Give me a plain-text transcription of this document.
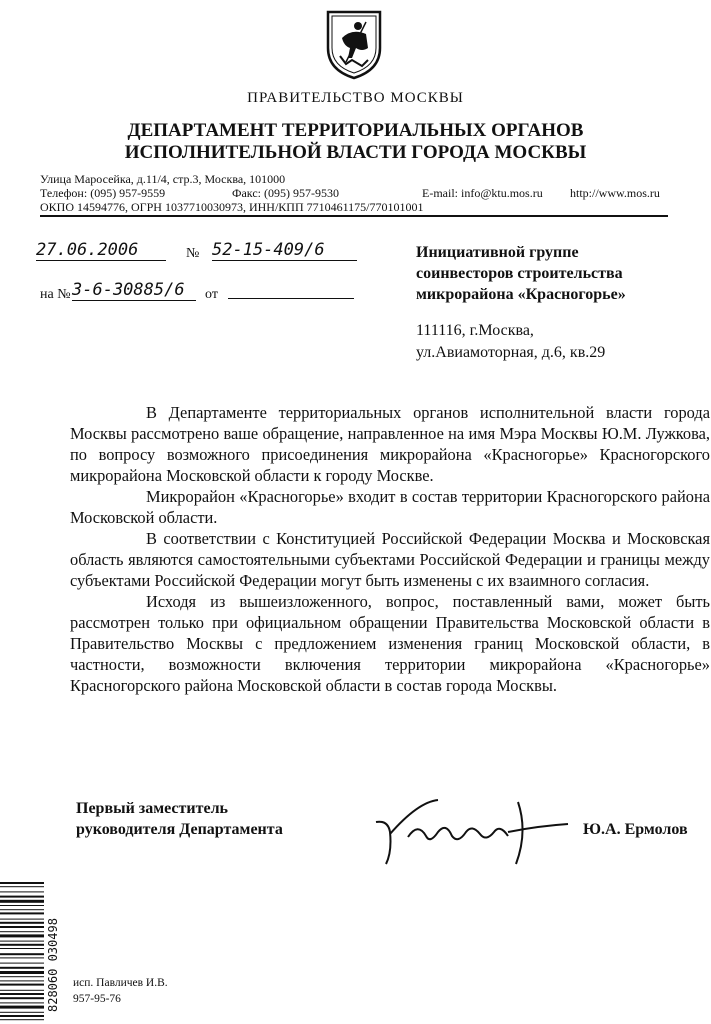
ПРАВИТЕЛЬСТВО МОСКВЫ
ДЕПАРТАМЕНТ ТЕРРИТОРИАЛЬНЫХ ОРГАНОВ
ИСПОЛНИТЕЛЬНОЙ ВЛАСТИ ГОРОДА МОСКВЫ
Улица Маросейка, д.11/4, стр.3, Москва, 101000
Телефон: (095) 957-9559	Факс: (095) 957-9530	E-mail: info@ktu.mos.ru http://www.mos.ru
ОКПО 14594776, ОГРН 1037710030973, ИНН/КПП 7710461175/770101001
27.06.2006	№ 52-15-409/6
на № 3-6-30885/6	от
Инициативной группе
соинвесторов строительства
микрорайона «Красногорье»
111116, г.Москва,
ул.Авиамоторная, д.6, кв.29

В Департаменте территориальных органов исполнительной власти города Москвы рассмотрено ваше обращение, направленное на имя Мэра Москвы Ю.М. Лужкова, по вопросу возможного присоединения микрорайона «Красногорье» Красногорского микрорайона Московской области к городу Москве.

Микрорайон «Красногорье» входит в состав территории Красногорского района Московской области.

В соответствии с Конституцией Российской Федерации Москва и Московская область являются самостоятельными субъектами Российской Федерации и границы между субъектами Российской Федерации могут быть изменены с их взаимного согласия.

Исходя из вышеизложенного, вопрос, поставленный вами, может быть рассмотрен только при официальном обращении Правительства Московской области в Правительство Москвы с предложением изменения границ Московской области, в частности, возможности включения территории микрорайона «Красногорье» Красногорского района Московской области в состав города Москвы.

Первый заместитель
руководителя Департамента	Ю.А. Ермолов
828060 030498 исп. Павличев И.В.
957-95-76
